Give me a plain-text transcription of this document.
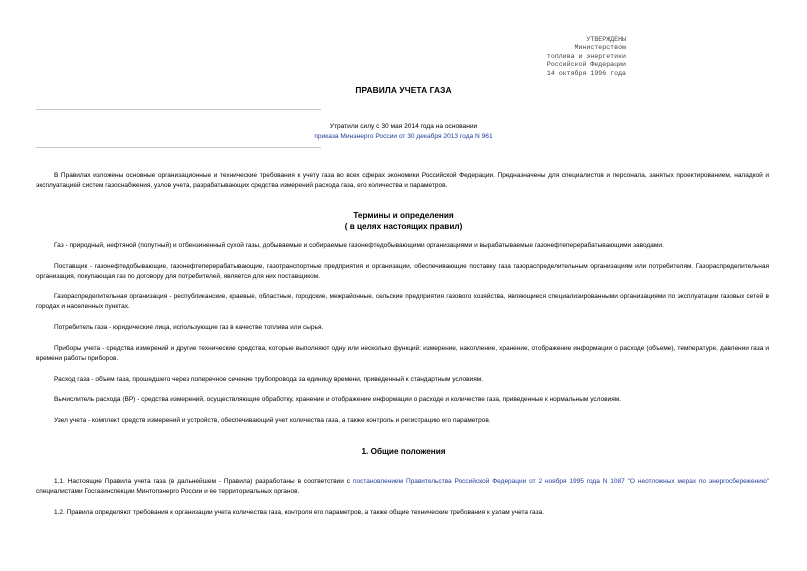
УТВЕРЖДЕНЫ
Министерством
топлива и энергетики
Российской Федерации
14 октября 1996 года
ПРАВИЛА УЧЕТА ГАЗА
Утратили силу с 30 мая 2014 года на основании
приказа Минэнерго России от 30 декабря 2013 года N 961

В Правилах изложены основные организационные и технические требования к учету газа во всех сферах экономики Российской Федерации. Предназначены для специалистов и персонала, занятых проектированием, наладкой и эксплуатацией систем газоснабжения, узлов учета, разрабатывающих средства измерений расхода газа, его количества и параметров.

Термины и определения
( в целях настоящих правил)

Газ - природный, нефтяной (попутный) и отбензиненный сухой газы, добываемые и собираемые газонефтедобывающими организациями и вырабатываемые газонефтеперерабатывающими заводами.

Поставщик - газонефтедобывающие, газонефтеперерабатывающие, газотранспортные предприятия и организации, обеспечивающие поставку газа газораспределительным организациям или потребителям. Газораспределительная организация, покупающая газ по договору для потребителей, является для них поставщиком.

Газораспределительная организация - республиканские, краевые, областные, городские, межрайонные, сельские предприятия газового хозяйства, являющиеся специализированными организациями по эксплуатации газовых сетей в городах и населенных пунктах.

Потребитель газа - юридические лица, использующие газ в качестве топлива или сырья.

Приборы учета - средства измерений и другие технические средства, которые выполняют одну или несколько функций: измерение, накопление, хранение, отображение информации о расходе (объеме), температуре, давлении газа и времени работы приборов.

Расход газа - объем газа, прошедшего через поперечное сечение трубопровода за единицу времени, приведенный к стандартным условиям.

Вычислитель расхода (ВР) - средства измерений, осуществляющие обработку, хранение и отображение информации о расходе и количестве газа, приведенные к нормальным условиям.

Узел учета - комплект средств измерений и устройств, обеспечивающий учет количества газа, а также контроль и регистрацию его параметров.

1. Общие положения

1.1. Настоящие Правила учета газа (в дальнейшем - Правила) разработаны в соответствии с постановлением Правительства Российской Федерации от 2 ноября 1995 года N 1087 "О неотложных мерах по энергосбережению" специалистами Госгазинспекции Минтопэнерго России и ее территориальных органов.

1.2. Правила определяют требования к организации учета количества газа, контроля его параметров, а также общие технические требования к узлам учета газа.
